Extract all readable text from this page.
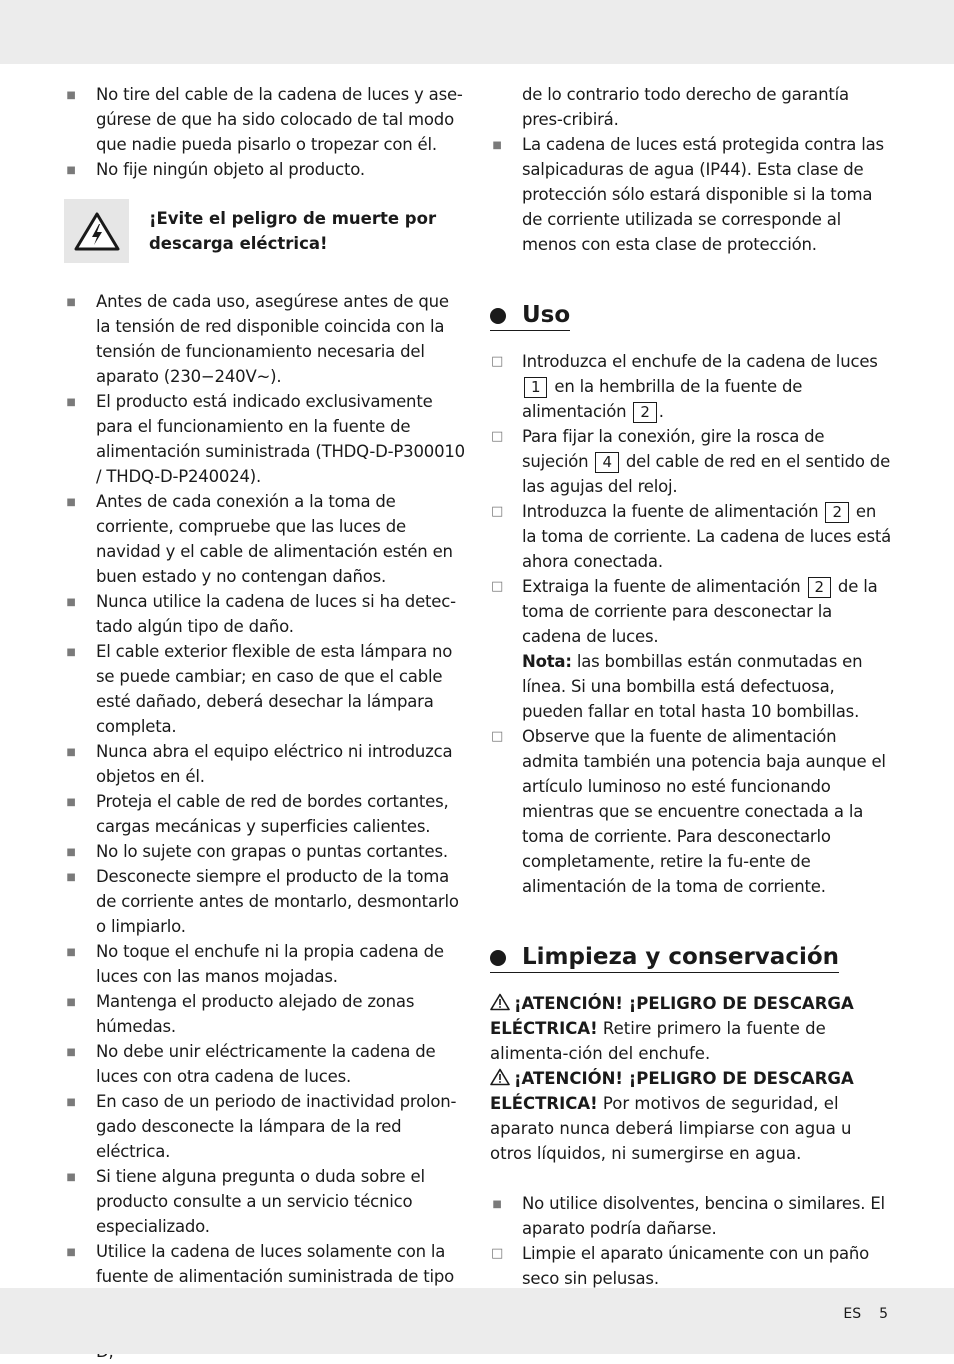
■
No tire del cable de la cadena de luces y ase-gúrese de que ha sido colocado de tal modo que nadie pueda pisarlo o tropezar con él.
■
No fije ningún objeto al producto.
¡Evite el peligro de muerte por descarga eléctrica!
■
Antes de cada uso, asegúrese antes de que la tensión de red disponible coincida con la tensión de funcionamiento necesaria del aparato (230−240V~).
■
El producto está indicado exclusivamente para el funcionamiento en la fuente de alimentación suministrada (THDQ-D-P300010 / THDQ-D-P240024).
■
Antes de cada conexión a la toma de corriente, compruebe que las luces de navidad y el cable de alimentación estén en buen estado y no contengan daños.
■
Nunca utilice la cadena de luces si ha detec-tado algún tipo de daño.
■
El cable exterior flexible de esta lámpara no se puede cambiar; en caso de que el cable esté dañado, deberá desechar la lámpara completa.
■
Nunca abra el equipo eléctrico ni introduzca objetos en él.
■
Proteja el cable de red de bordes cortantes, cargas mecánicas y superficies calientes.
■
No lo sujete con grapas o puntas cortantes.
■
Desconecte siempre el producto de la toma de corriente antes de montarlo, desmontarlo o limpiarlo.
■
No toque el enchufe ni la propia cadena de luces con las manos mojadas.
■
Mantenga el producto alejado de zonas húmedas.
■
No debe unir eléctricamente la cadena de luces con otra cadena de luces.
■
En caso de un periodo de inactividad prolon-gado desconecte la lámpara de la red eléctrica.
■
Si tiene alguna pregunta o duda sobre el producto consulte a un servicio técnico especializado.
■
Utilice la cadena de luces solamente con la fuente de alimentación suministrada de tipo
de lo contrario todo derecho de garantía pres-cribirá.
■
La cadena de luces está protegida contra las salpicaduras de agua (IP44). Esta clase de protección sólo estará disponible si la toma de corriente utilizada se corresponde al menos con esta clase de protección.
Uso
□
Introduzca el enchufe de la cadena de luces 1 en la hembrilla de la fuente de alimentación 2 .
□
Para fijar la conexión, gire la rosca de sujeción 4 del cable de red en el sentido de las agujas del reloj.
□
Introduzca la fuente de alimentación 2 en la toma de corriente. La cadena de luces está ahora conectada.
□
Extraiga la fuente de alimentación 2 de la toma de corriente para desconectar la cadena de luces.
Nota: las bombillas están conmutadas en línea. Si una bombilla está defectuosa, pueden fallar en total hasta 10 bombillas.
□
Observe que la fuente de alimentación admita también una potencia baja aunque el artículo luminoso no esté funcionando mientras que se encuentre conectada a la toma de corriente. Para desconectarlo completamente, retire la fu-ente de alimentación de la toma de corriente.
Limpieza y conservación

¡ATENCIÓN! ¡PELIGRO DE DESCARGA ELÉCTRICA! Retire primero la fuente de alimenta-ción del enchufe.

¡ATENCIÓN! ¡PELIGRO DE DESCARGA ELÉCTRICA! Por motivos de seguridad, el aparato nunca deberá limpiarse con agua u otros líquidos, ni sumergirse en agua.

■
No utilice disolventes, bencina o similares. El aparato podría dañarse.
□
Limpie el aparato únicamente con un paño seco sin pelusas.
ES 5
